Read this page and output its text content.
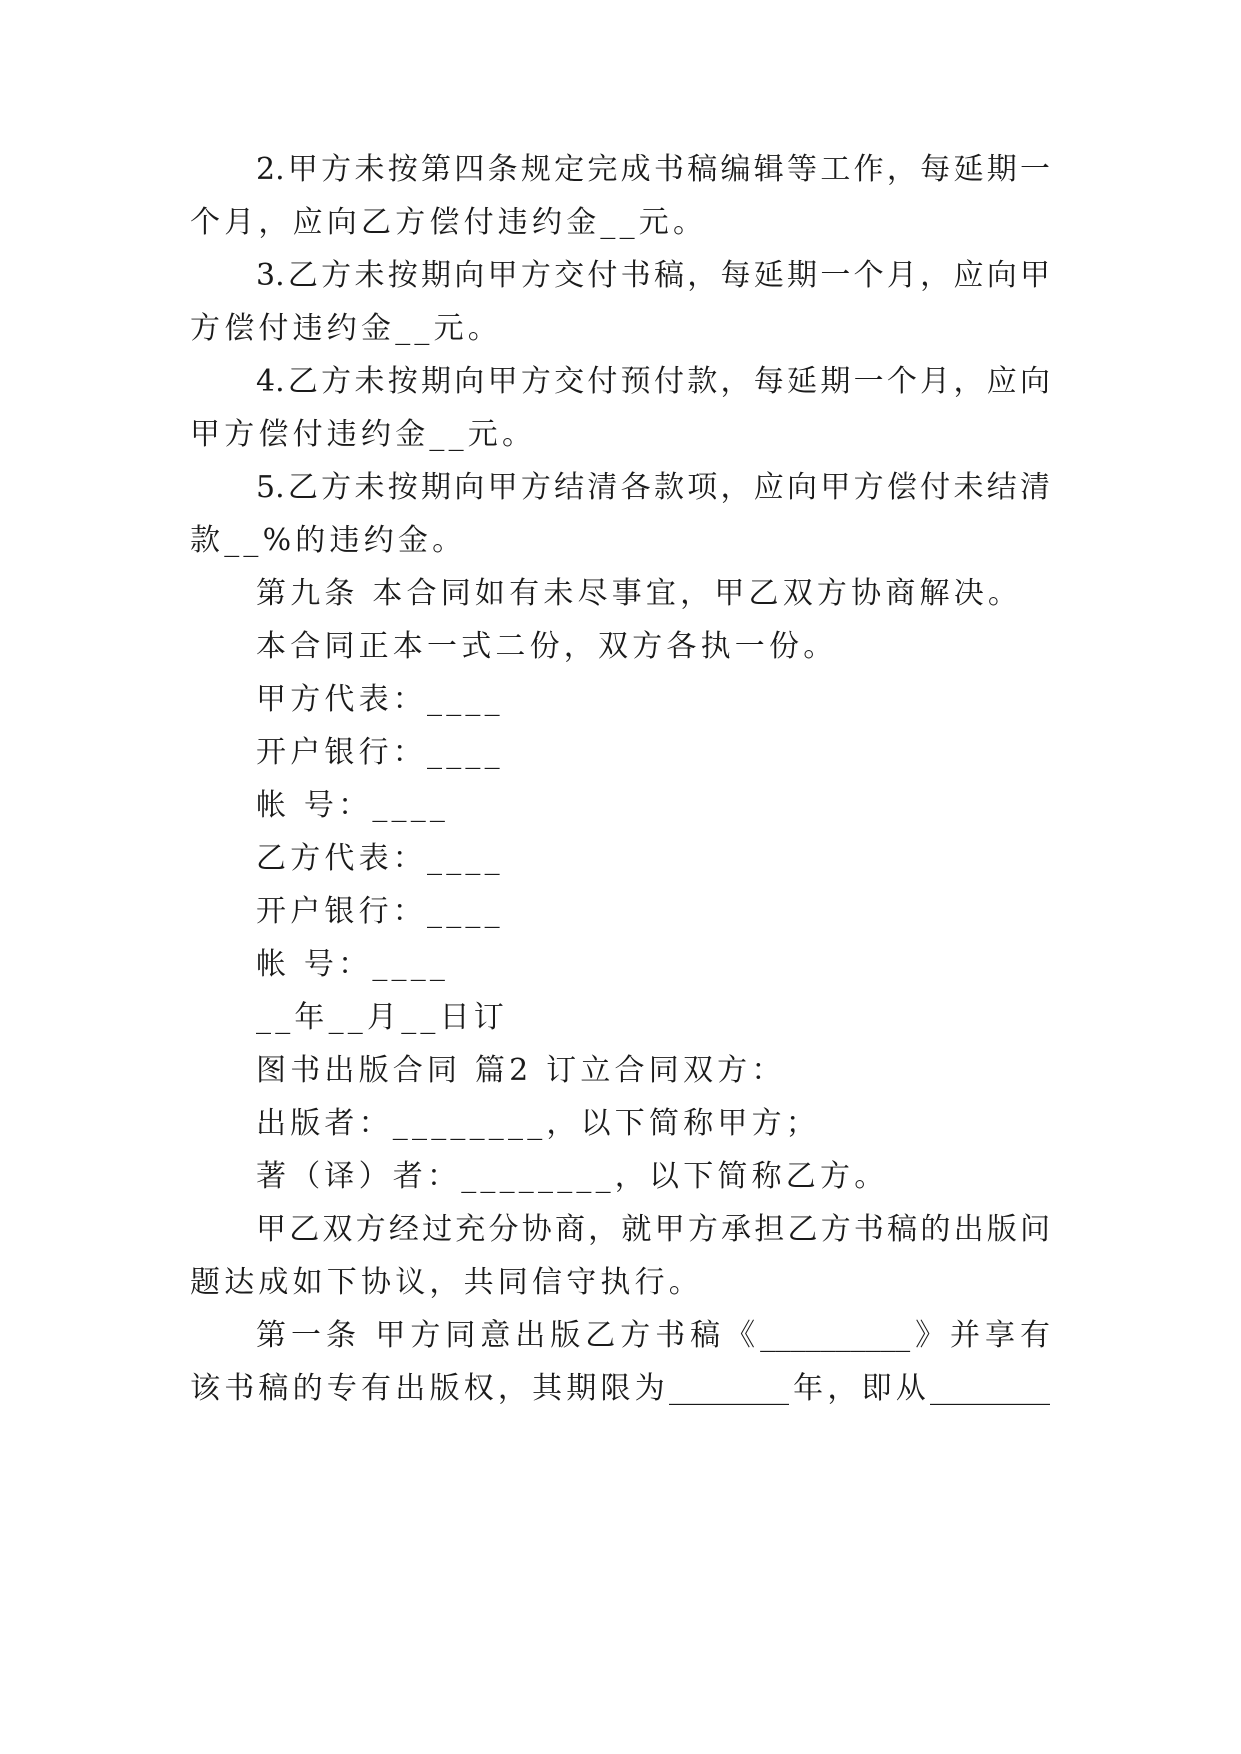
2.甲方未按第四条规定完成书稿编辑等工作，每延期一
个月，应向乙方偿付违约金__元。
3.乙方未按期向甲方交付书稿，每延期一个月，应向甲
方偿付违约金__元。
4.乙方未按期向甲方交付预付款，每延期一个月，应向
甲方偿付违约金__元。
5.乙方未按期向甲方结清各款项，应向甲方偿付未结清
款__%的违约金。
第九条 本合同如有未尽事宜，甲乙双方协商解决。
本合同正本一式二份，双方各执一份。
甲方代表：____
开户银行：____
帐 号：____
乙方代表：____
开户银行：____
帐 号：____
__年__月__日订
图书出版合同 篇2 订立合同双方：
出版者：________，以下简称甲方；
著（译）者：________，以下简称乙方。
甲乙双方经过充分协商，就甲方承担乙方书稿的出版问
题达成如下协议，共同信守执行。
第一条 甲方同意出版乙方书稿《__________》并享有
该书稿的专有出版权，其期限为________年，即从________
